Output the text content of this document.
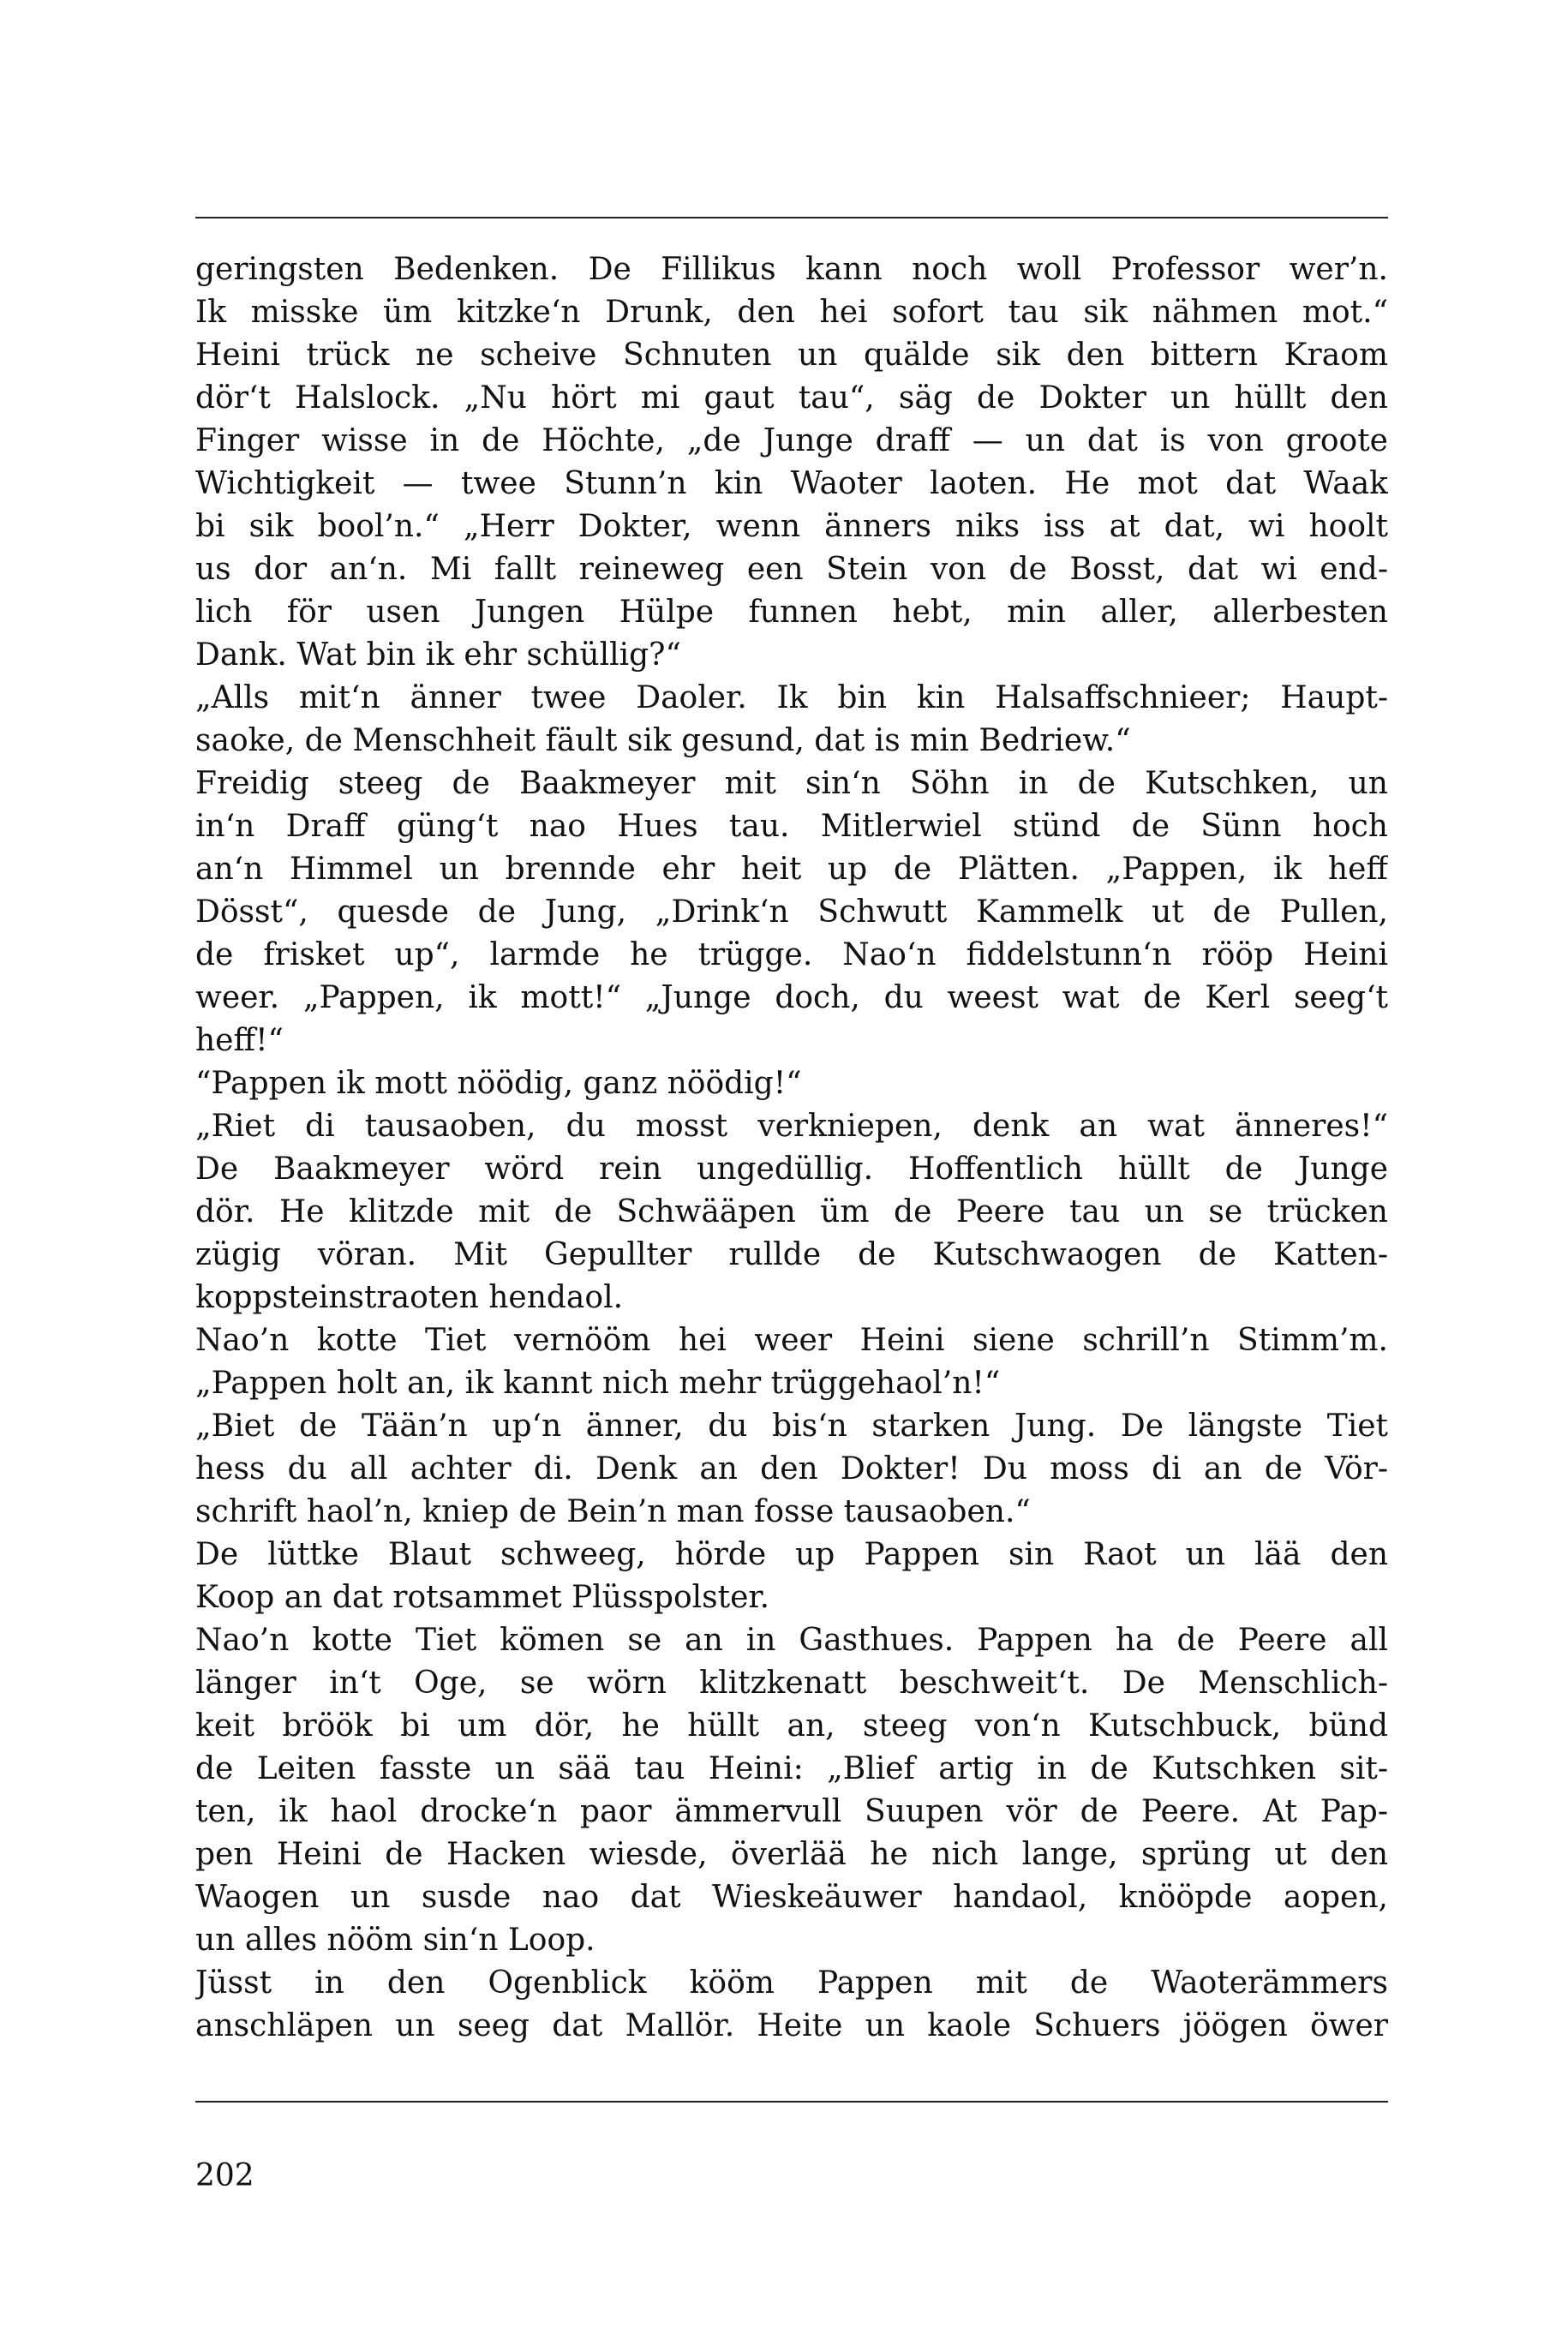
geringsten Bedenken. De Fillikus kann noch woll Professor wer’n.
Ik misske üm kitzke‘n Drunk, den hei sofort tau sik nähmen mot.“
Heini trück ne scheive Schnuten un quälde sik den bittern Kraom
dör‘t Halslock. „Nu hört mi gaut tau“, säg de Dokter un hüllt den
Finger wisse in de Höchte, „de Junge draff — un dat is von groote
Wichtigkeit — twee Stunn’n kin Waoter laoten. He mot dat Waak
bi sik bool’n.“ „Herr Dokter, wenn änners niks iss at dat, wi hoolt
us dor an‘n. Mi fallt reineweg een Stein von de Bosst, dat wi end-
lich för usen Jungen Hülpe funnen hebt, min aller, allerbesten
Dank. Wat bin ik ehr schüllig?“
„Alls mit‘n änner twee Daoler. Ik bin kin Halsaffschnieer; Haupt-
saoke, de Menschheit fäult sik gesund, dat is min Bedriew.“
Freidig steeg de Baakmeyer mit sin‘n Söhn in de Kutschken, un
in‘n Draff güng‘t nao Hues tau. Mitlerwiel stünd de Sünn hoch
an‘n Himmel un brennde ehr heit up de Plätten. „Pappen, ik heff
Dösst“, quesde de Jung, „Drink‘n Schwutt Kammelk ut de Pullen,
de frisket up“, larmde he trügge. Nao‘n fiddelstunn‘n rööp Heini
weer. „Pappen, ik mott!“ „Junge doch, du weest wat de Kerl seeg‘t
heff!“
“Pappen ik mott nöödig, ganz nöödig!“
„Riet di tausaoben, du mosst verkniepen, denk an wat änneres!“
De Baakmeyer wörd rein ungedüllig. Hoffentlich hüllt de Junge
dör. He klitzde mit de Schwääpen üm de Peere tau un se trücken
zügig vöran. Mit Gepullter rullde de Kutschwaogen de Katten-
koppsteinstraoten hendaol.
Nao’n kotte Tiet vernööm hei weer Heini siene schrill’n Stimm’m.
„Pappen holt an, ik kannt nich mehr trüggehaol’n!“
„Biet de Tään’n up‘n änner, du bis‘n starken Jung. De längste Tiet
hess du all achter di. Denk an den Dokter! Du moss di an de Vör-
schrift haol’n, kniep de Bein’n man fosse tausaoben.“
De lüttke Blaut schweeg, hörde up Pappen sin Raot un lää den
Koop an dat rotsammet Plüsspolster.
Nao’n kotte Tiet kömen se an in Gasthues. Pappen ha de Peere all
länger in‘t Oge, se wörn klitzkenatt beschweit‘t. De Menschlich-
keit bröök bi um dör, he hüllt an, steeg von‘n Kutschbuck, bünd
de Leiten fasste un sää tau Heini: „Blief artig in de Kutschken sit-
ten, ik haol drocke‘n paor ämmervull Suupen vör de Peere. At Pap-
pen Heini de Hacken wiesde, överlää he nich lange, sprüng ut den
Waogen un susde nao dat Wieskeäuwer handaol, knööpde aopen,
un alles nööm sin‘n Loop.
Jüsst in den Ogenblick kööm Pappen mit de Waoterämmers
anschläpen un seeg dat Mallör. Heite un kaole Schuers jöögen öwer
202
